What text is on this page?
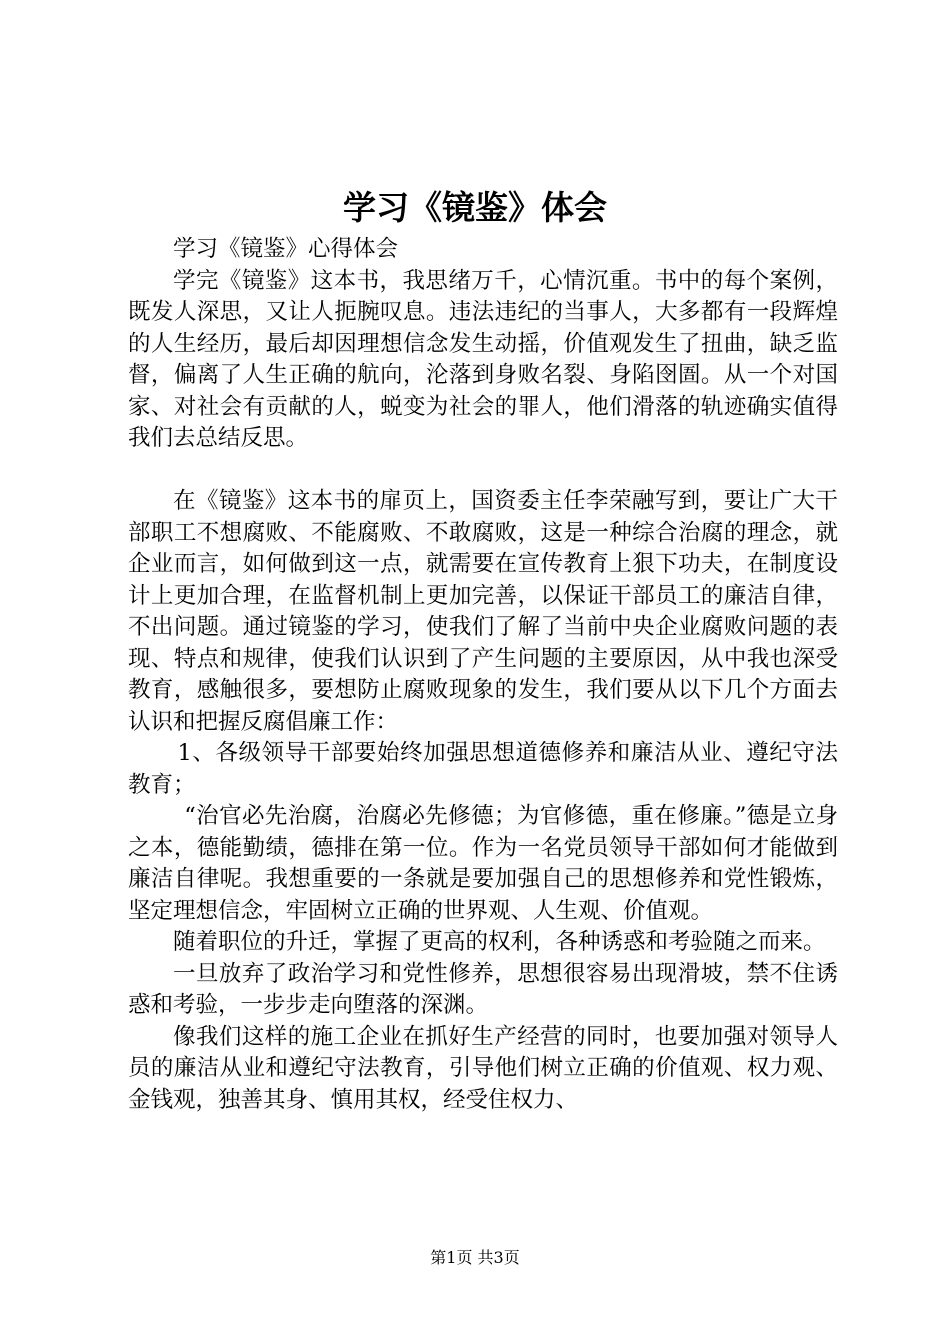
学习《镜鉴》体会

学习《镜鉴》心得体会

学完《镜鉴》这本书，我思绪万千，心情沉重。书中的每个案例，既发人深思，又让人扼腕叹息。违法违纪的当事人，大多都有一段辉煌的人生经历，最后却因理想信念发生动摇，价值观发生了扭曲，缺乏监督，偏离了人生正确的航向，沦落到身败名裂、身陷囹圄。从一个对国家、对社会有贡献的人，蜕变为社会的罪人，他们滑落的轨迹确实值得我们去总结反思。

在《镜鉴》这本书的扉页上，国资委主任李荣融写到，要让广大干部职工不想腐败、不能腐败、不敢腐败，这是一种综合治腐的理念，就企业而言，如何做到这一点，就需要在宣传教育上狠下功夫，在制度设计上更加合理，在监督机制上更加完善，以保证干部员工的廉洁自律，不出问题。通过镜鉴的学习，使我们了解了当前中央企业腐败问题的表现、特点和规律，使我们认识到了产生问题的主要原因，从中我也深受教育，感触很多，要想防止腐败现象的发生，我们要从以下几个方面去认识和把握反腐倡廉工作：

1、各级领导干部要始终加强思想道德修养和廉洁从业、遵纪守法教育；

“治官必先治腐，治腐必先修德；为官修德，重在修廉。”德是立身之本，德能勤绩，德排在第一位。作为一名党员领导干部如何才能做到廉洁自律呢。我想重要的一条就是要加强自己的思想修养和党性锻炼，坚定理想信念，牢固树立正确的世界观、人生观、价值观。

随着职位的升迁，掌握了更高的权利，各种诱惑和考验随之而来。

一旦放弃了政治学习和党性修养，思想很容易出现滑坡，禁不住诱惑和考验，一步步走向堕落的深渊。

像我们这样的施工企业在抓好生产经营的同时，也要加强对领导人员的廉洁从业和遵纪守法教育，引导他们树立正确的价值观、权力观、金钱观，独善其身、慎用其权，经受住权力、

第1页 共3页
